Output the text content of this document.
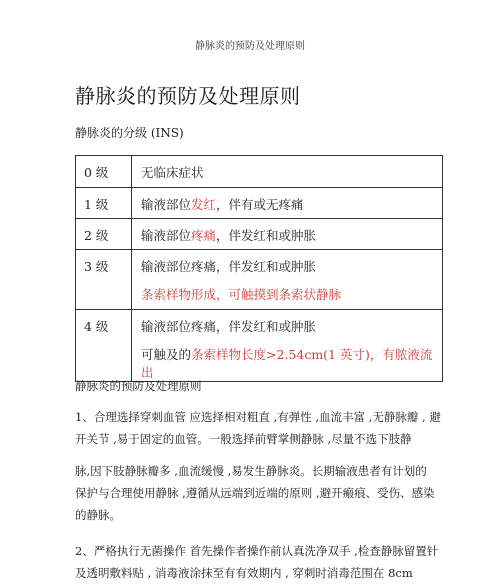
静脉炎的预防及处理原则
静脉炎的预防及处理原则
静脉炎的分级 (INS)
0 级	无临床症状
1 级	输液部位发红，伴有或无疼痛
2 级	输液部位疼痛，伴发红和或肿胀
3 级	输液部位疼痛，伴发红和或肿胀
条索样物形成，可触摸到条索状静脉

4 级	输液部位疼痛，伴发红和或肿胀
可触及的条索样物长度>2.54cm(1 英寸)，有脓液流出
静脉炎的预防及处理原则
1、合理选择穿刺血管 应选择相对粗直 ,有弹性 ,血流丰富 ,无静脉瓣 , 避
开关节 ,易于固定的血管。一般选择前臂掌侧静脉 ,尽量不选下肢静
脉,因下肢静脉瓣多 ,血流缓慢 ,易发生静脉炎。长期输液患者有计划的
保护与合理使用静脉 ,遵循从远端到近端的原则 ,避开瘢痕、受伤、感染
的静脉。
2、严格执行无菌操作 首先操作者操作前认真洗净双手 ,检查静脉留置针
及透明敷料贴 , 消毒液涂抹至有有效期内 , 穿刺时消毒范围在 8cm
